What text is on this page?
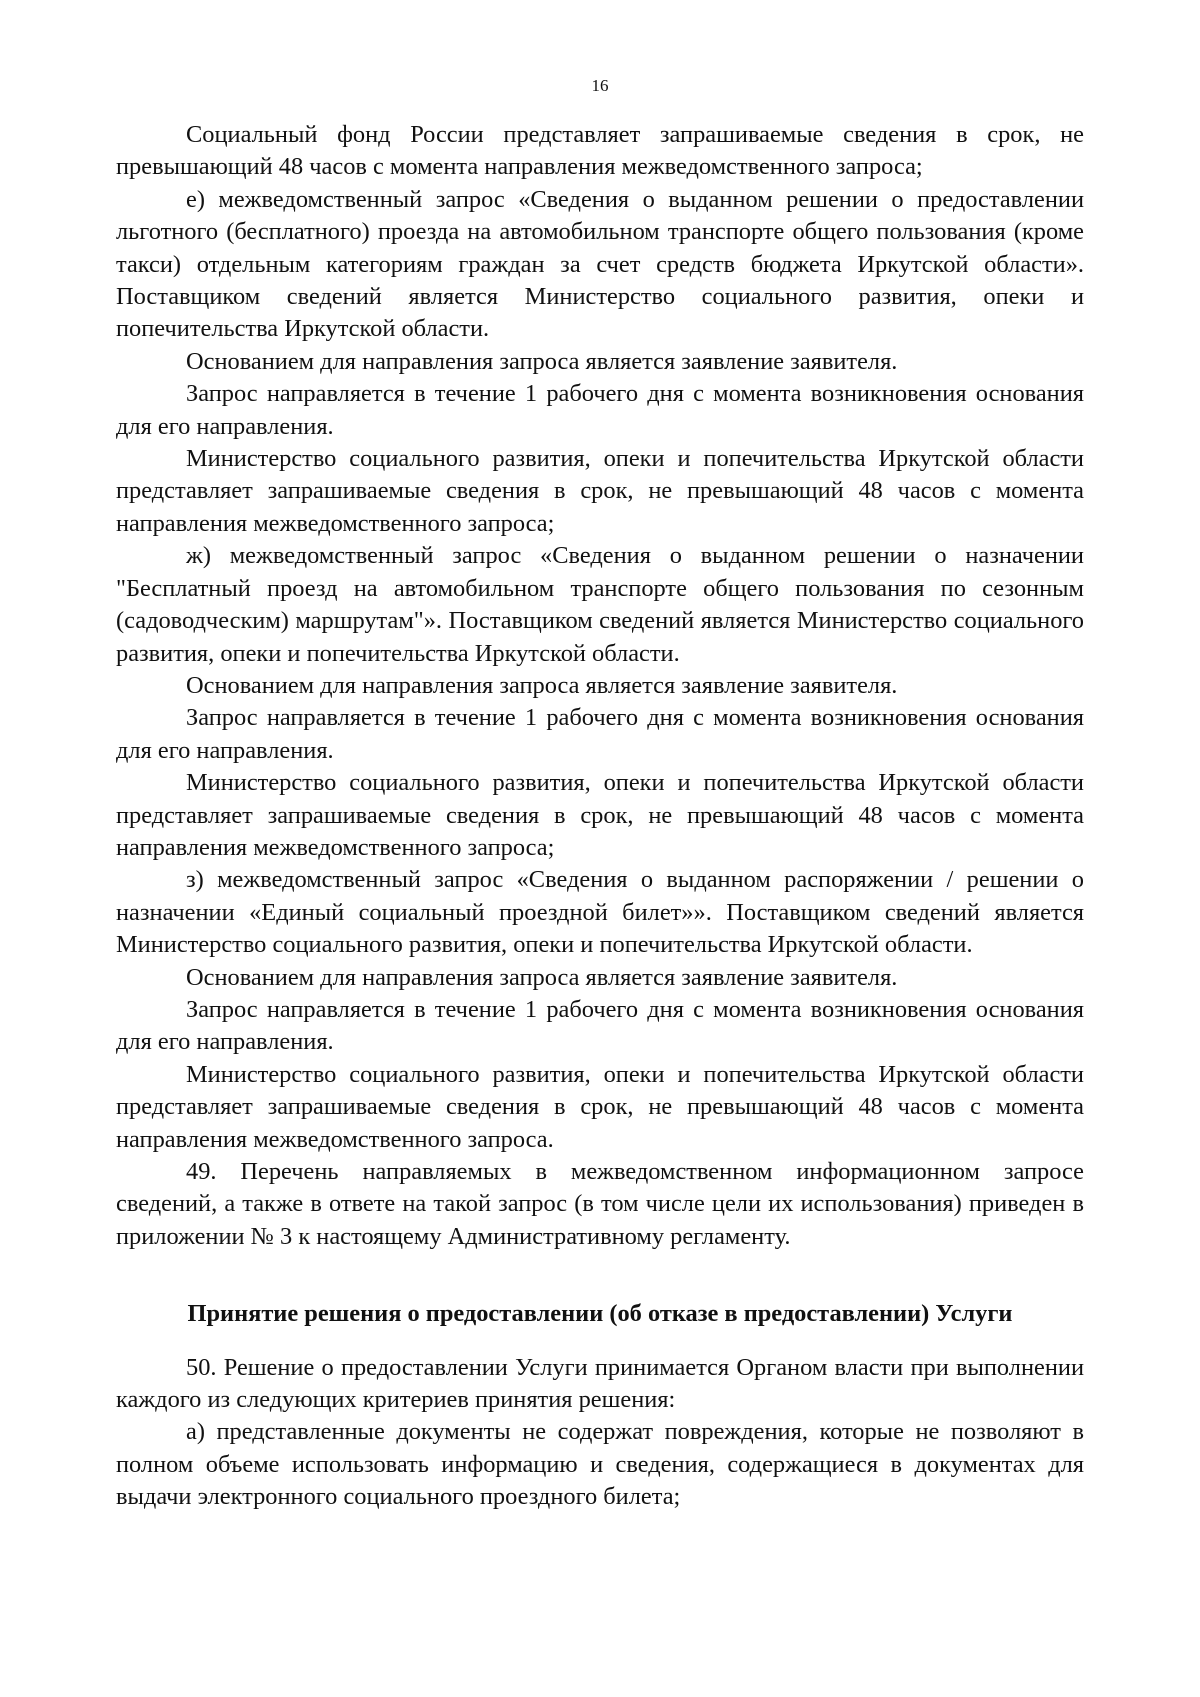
16

Социальный фонд России представляет запрашиваемые сведения в срок, не превышающий 48 часов с момента направления межведомственного запроса;

е) межведомственный запрос «Сведения о выданном решении о предоставлении льготного (бесплатного) проезда на автомобильном транспорте общего пользования (кроме такси) отдельным категориям граждан за счет средств бюджета Иркутской области». Поставщиком сведений является Министерство социального развития, опеки и попечительства Иркутской области.

Основанием для направления запроса является заявление заявителя.

Запрос направляется в течение 1 рабочего дня с момента возникновения основания для его направления.

Министерство социального развития, опеки и попечительства Иркутской области представляет запрашиваемые сведения в срок, не превышающий 48 часов с момента направления межведомственного запроса;

ж) межведомственный запрос «Сведения о выданном решении о назначении "Бесплатный проезд на автомобильном транспорте общего пользования по сезонным (садоводческим) маршрутам"». Поставщиком сведений является Министерство социального развития, опеки и попечительства Иркутской области.

Основанием для направления запроса является заявление заявителя.

Запрос направляется в течение 1 рабочего дня с момента возникновения основания для его направления.

Министерство социального развития, опеки и попечительства Иркутской области представляет запрашиваемые сведения в срок, не превышающий 48 часов с момента направления межведомственного запроса;

з) межведомственный запрос «Сведения о выданном распоряжении / решении о назначении «Единый социальный проездной билет»». Поставщиком сведений является Министерство социального развития, опеки и попечительства Иркутской области.

Основанием для направления запроса является заявление заявителя.

Запрос направляется в течение 1 рабочего дня с момента возникновения основания для его направления.

Министерство социального развития, опеки и попечительства Иркутской области представляет запрашиваемые сведения в срок, не превышающий 48 часов с момента направления межведомственного запроса.

49. Перечень направляемых в межведомственном информационном запросе сведений, а также в ответе на такой запрос (в том числе цели их использования) приведен в приложении № 3 к настоящему Административному регламенту.

Принятие решения о предоставлении (об отказе в предоставлении) Услуги

50. Решение о предоставлении Услуги принимается Органом власти при выполнении каждого из следующих критериев принятия решения:

а) представленные документы не содержат повреждения, которые не позволяют в полном объеме использовать информацию и сведения, содержащиеся в документах для выдачи электронного социального проездного билета;
